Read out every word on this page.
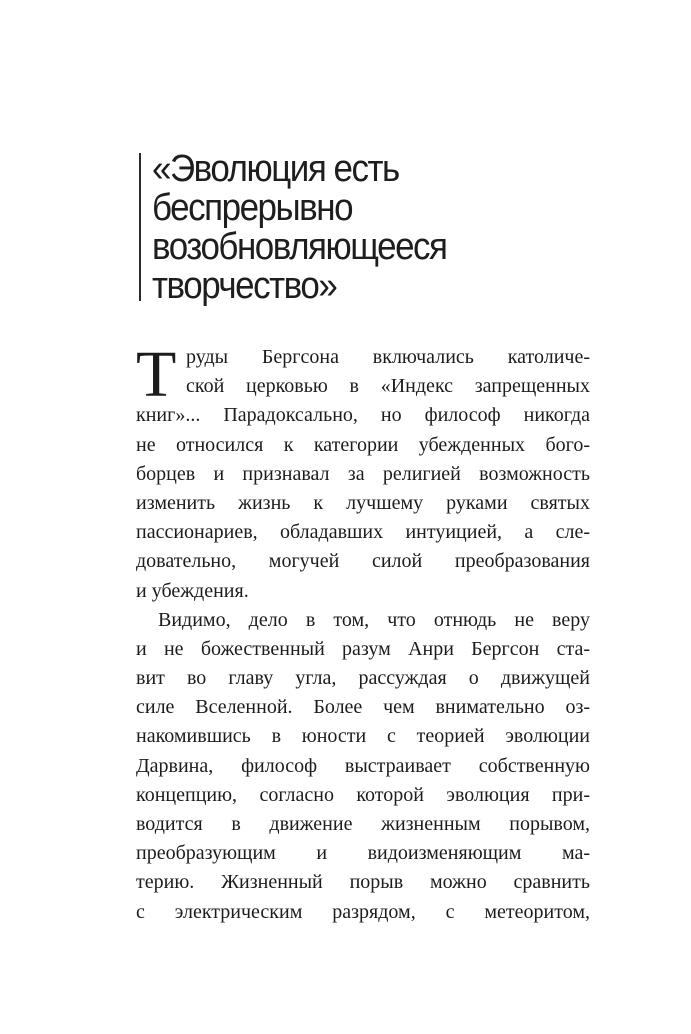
«Эволюция есть
беспрерывно
возобновляющееся
творчество»
Т руды Бергсона включались католиче-
ской церковью в «Индекс запрещенных
книг»... Парадоксально, но философ никогда
не относился к категории убежденных бого-
борцев и признавал за религией возможность
изменить жизнь к лучшему руками святых
пассионариев, обладавших интуицией, а сле-
довательно, могучей силой преобразования
и убеждения.
Видимо, дело в том, что отнюдь не веру
и не божественный разум Анри Бергсон ста-
вит во главу угла, рассуждая о движущей
силе Вселенной. Более чем внимательно оз-
накомившись в юности с теорией эволюции
Дарвина, философ выстраивает собственную
концепцию, согласно которой эволюция при-
водится в движение жизненным порывом,
преобразующим и видоизменяющим ма-
терию. Жизненный порыв можно сравнить
с электрическим разрядом, с метеоритом,
